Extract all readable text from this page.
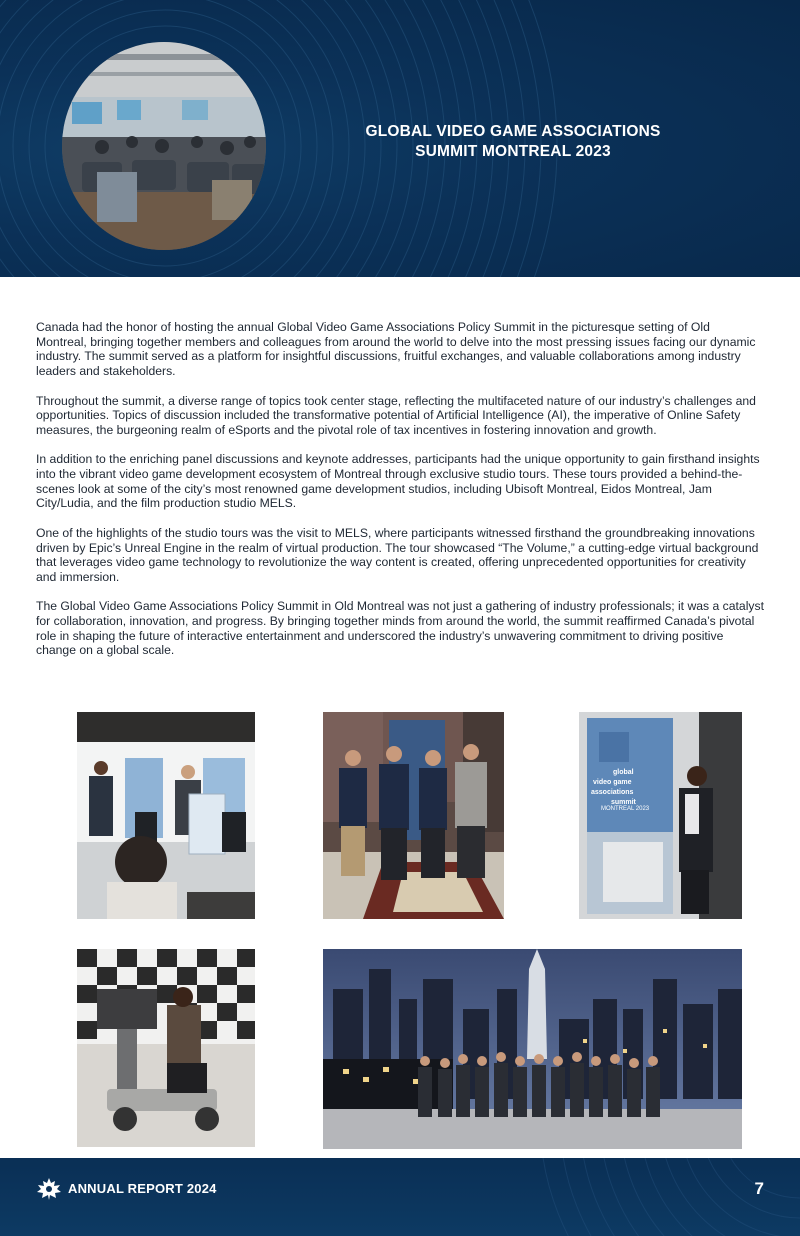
GLOBAL VIDEO GAME ASSOCIATIONS
SUMMIT MONTREAL 2023

Canada had the honor of hosting the annual Global Video Game Associations Policy Summit in the picturesque setting of Old Montreal, bringing together members and colleagues from around the world to delve into the most pressing issues facing our dynamic industry. The summit served as a platform for insightful discussions, fruitful exchanges, and valuable collaborations among industry leaders and stakeholders.

Throughout the summit, a diverse range of topics took center stage, reflecting the multifaceted nature of our industry’s challenges and opportunities. Topics of discussion included the transformative potential of Artificial Intelligence (AI), the imperative of Online Safety measures, the burgeoning realm of eSports and the pivotal role of tax incentives in fostering innovation and growth.

In addition to the enriching panel discussions and keynote addresses, participants had the unique opportunity to gain firsthand insights into the vibrant video game development ecosystem of Montreal through exclusive studio tours. These tours provided a behind-the-scenes look at some of the city’s most renowned game development studios, including Ubisoft Montreal, Eidos Montreal, Jam City/Ludia, and the film production studio MELS.

One of the highlights of the studio tours was the visit to MELS, where participants witnessed firsthand the groundbreaking innovations driven by Epic’s Unreal Engine in the realm of virtual production. The tour showcased “The Volume,” a cutting-edge virtual background that leverages video game technology to revolutionize the way content is created, offering unprecedented opportunities for creativity and immersion.

The Global Video Game Associations Policy Summit in Old Montreal was not just a gathering of industry professionals; it was a catalyst for collaboration, innovation, and progress. By bringing together minds from around the world, the summit reaffirmed Canada’s pivotal role in shaping the future of interactive entertainment and underscored the industry’s unwavering commitment to driving positive change on a global scale.

global
video game
associations
summit
MONTREAL 2023
ANNUAL REPORT 2024	7
